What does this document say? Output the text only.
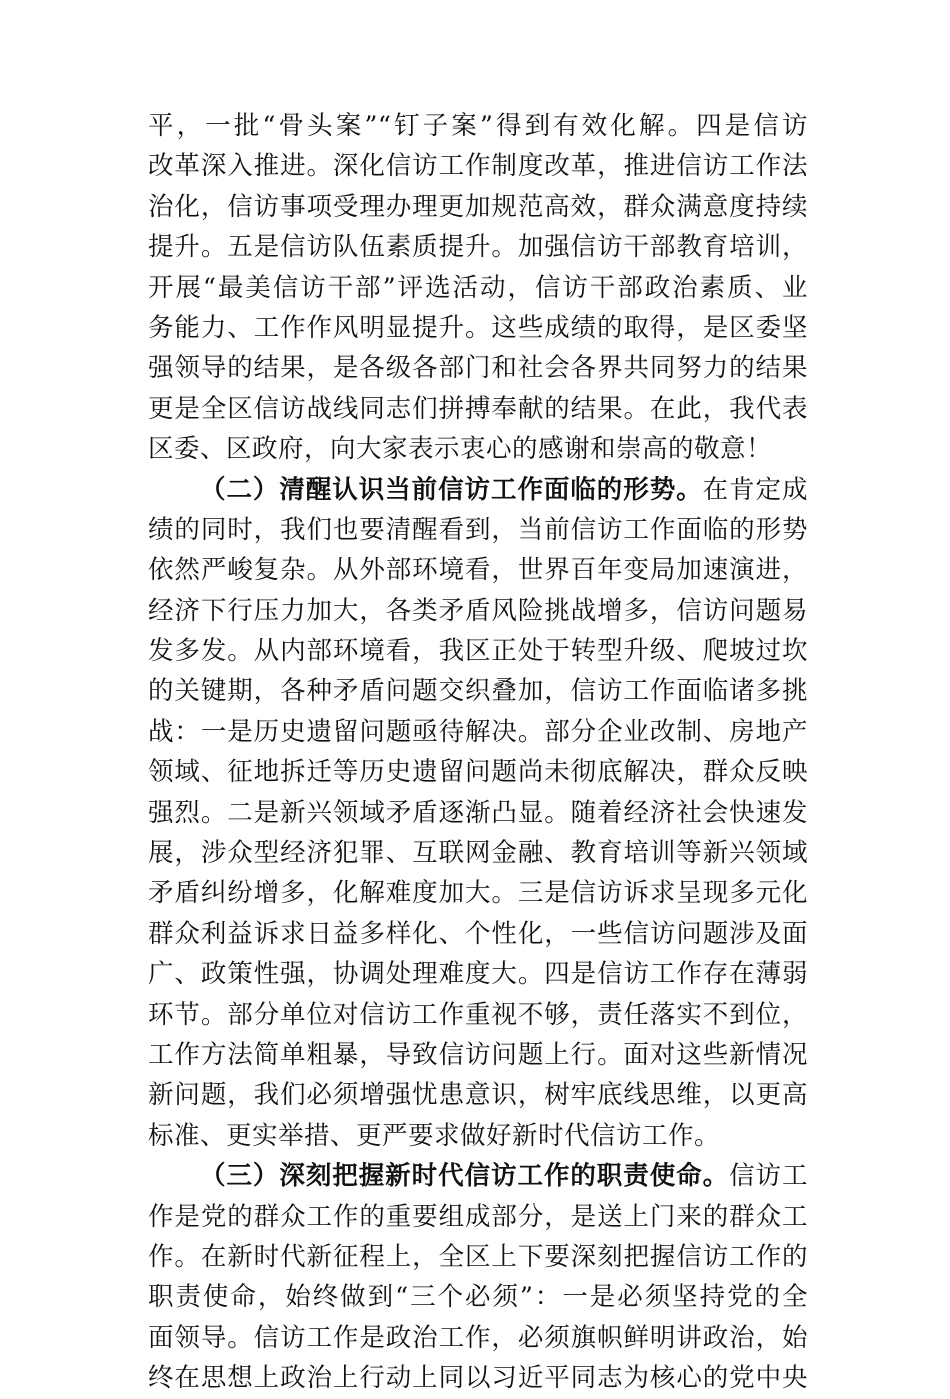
平，一批“骨头案”“钉子案”得到有效化解。四是信访
改革深入推进。深化信访工作制度改革，推进信访工作法
治化，信访事项受理办理更加规范高效，群众满意度持续
提升。五是信访队伍素质提升。加强信访干部教育培训，
开展“最美信访干部”评选活动，信访干部政治素质、业
务能力、工作作风明显提升。这些成绩的取得，是区委坚
强领导的结果，是各级各部门和社会各界共同努力的结果
更是全区信访战线同志们拼搏奉献的结果。在此，我代表
区委、区政府，向大家表示衷心的感谢和崇高的敬意！
（二）清醒认识当前信访工作面临的形势。在肯定成
绩的同时，我们也要清醒看到，当前信访工作面临的形势
依然严峻复杂。从外部环境看，世界百年变局加速演进，
经济下行压力加大，各类矛盾风险挑战增多，信访问题易
发多发。从内部环境看，我区正处于转型升级、爬坡过坎
的关键期，各种矛盾问题交织叠加，信访工作面临诸多挑
战：一是历史遗留问题亟待解决。部分企业改制、房地产
领域、征地拆迁等历史遗留问题尚未彻底解决，群众反映
强烈。二是新兴领域矛盾逐渐凸显。随着经济社会快速发
展，涉众型经济犯罪、互联网金融、教育培训等新兴领域
矛盾纠纷增多，化解难度加大。三是信访诉求呈现多元化
群众利益诉求日益多样化、个性化，一些信访问题涉及面
广、政策性强，协调处理难度大。四是信访工作存在薄弱
环节。部分单位对信访工作重视不够，责任落实不到位，
工作方法简单粗暴，导致信访问题上行。面对这些新情况
新问题，我们必须增强忧患意识，树牢底线思维，以更高
标准、更实举措、更严要求做好新时代信访工作。
（三）深刻把握新时代信访工作的职责使命。信访工
作是党的群众工作的重要组成部分，是送上门来的群众工
作。在新时代新征程上，全区上下要深刻把握信访工作的
职责使命，始终做到“三个必须”：一是必须坚持党的全
面领导。信访工作是政治工作，必须旗帜鲜明讲政治，始
终在思想上政治上行动上同以习近平同志为核心的党中央
